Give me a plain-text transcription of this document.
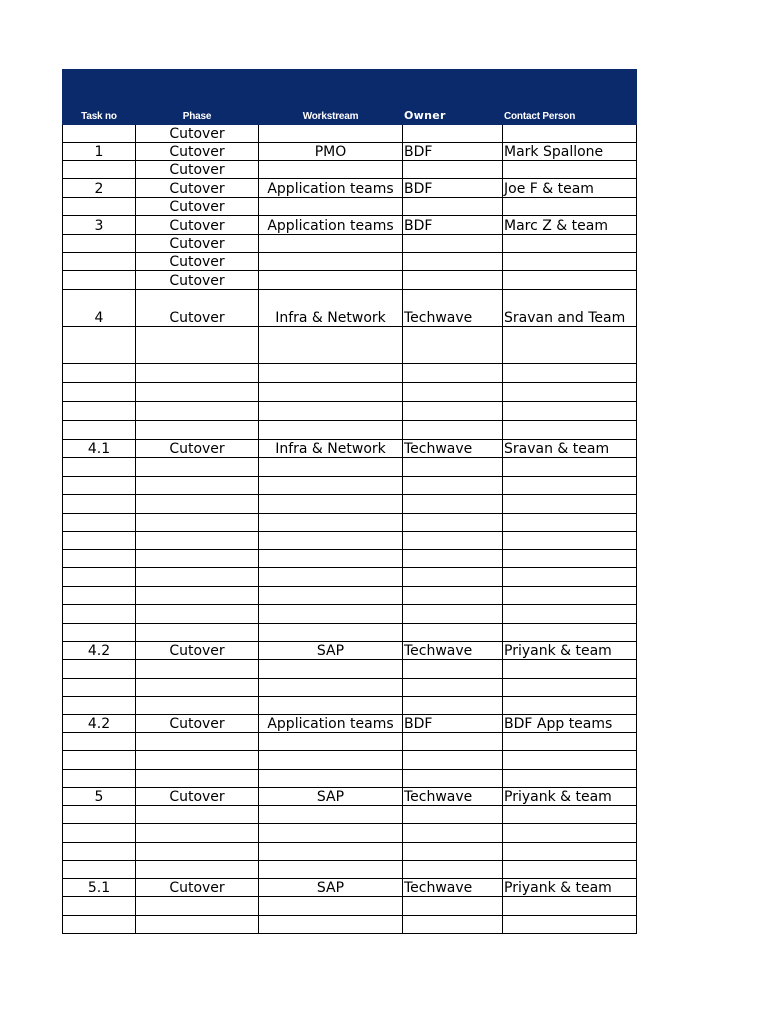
Task no	Phase	Workstream	Owner	Contact Person
	Cutover			
1	Cutover	PMO	BDF	Mark Spallone
	Cutover			
2	Cutover	Application teams	BDF	Joe F & team
	Cutover			
3	Cutover	Application teams	BDF	Marc Z & team
	Cutover			
	Cutover			
	Cutover			
4	Cutover	Infra & Network	Techwave	Sravan and Team

4.1	Cutover	Infra & Network	Techwave	Sravan & team

4.2	Cutover	SAP	Techwave	Priyank & team

4.2	Cutover	Application teams	BDF	BDF App teams

5	Cutover	SAP	Techwave	Priyank & team

5.1	Cutover	SAP	Techwave	Priyank & team
